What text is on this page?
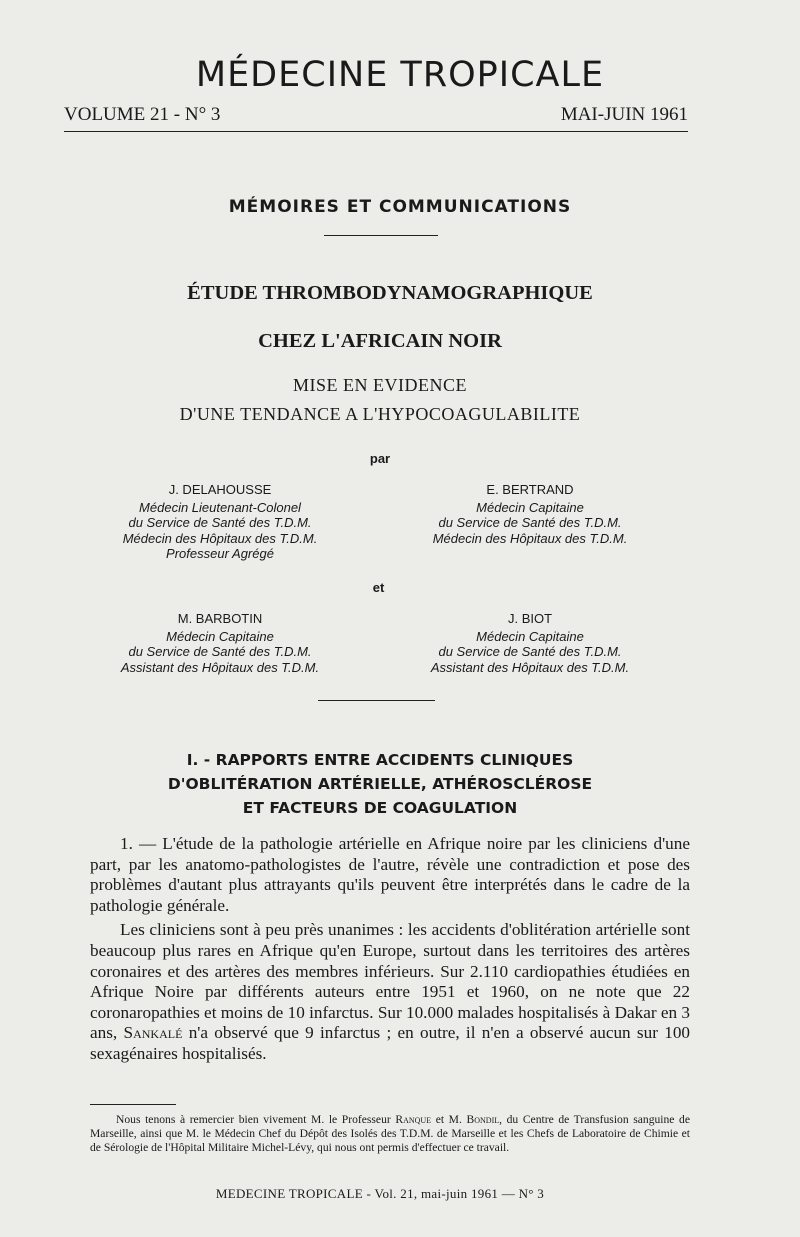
MÉDECINE TROPICALE
VOLUME 21 - N° 3	MAI-JUIN 1961
MÉMOIRES ET COMMUNICATIONS
ÉTUDE THROMBODYNAMOGRAPHIQUE
CHEZ L'AFRICAIN NOIR
MISE EN EVIDENCE
D'UNE TENDANCE A L'HYPOCOAGULABILITE
par
J. DELAHOUSSE
Médecin Lieutenant-Colonel
du Service de Santé des T.D.M.
Médecin des Hôpitaux des T.D.M.
Professeur Agrégé
E. BERTRAND
Médecin Capitaine
du Service de Santé des T.D.M.
Médecin des Hôpitaux des T.D.M.
et
M. BARBOTIN
Médecin Capitaine
du Service de Santé des T.D.M.
Assistant des Hôpitaux des T.D.M.
J. BIOT
Médecin Capitaine
du Service de Santé des T.D.M.
Assistant des Hôpitaux des T.D.M.
I. - RAPPORTS ENTRE ACCIDENTS CLINIQUES
D'OBLITÉRATION ARTÉRIELLE, ATHÉROSCLÉROSE
ET FACTEURS DE COAGULATION

1. — L'étude de la pathologie artérielle en Afrique noire par les cliniciens d'une part, par les anatomo-pathologistes de l'autre, révèle une contradiction et pose des problèmes d'autant plus attrayants qu'ils peuvent être interprétés dans le cadre de la pathologie générale.

Les cliniciens sont à peu près unanimes : les accidents d'oblitération artérielle sont beaucoup plus rares en Afrique qu'en Europe, surtout dans les territoires des artères coronaires et des artères des membres inférieurs. Sur 2.110 cardiopathies étudiées en Afrique Noire par différents auteurs entre 1951 et 1960, on ne note que 22 coronaropathies et moins de 10 infarctus. Sur 10.000 malades hospitalisés à Dakar en 3 ans, Sankalé n'a observé que 9 infarctus ; en outre, il n'en a observé aucun sur 100 sexagénaires hospitalisés.

Nous tenons à remercier bien vivement M. le Professeur Ranque et M. Bondil, du Centre de Transfusion sanguine de Marseille, ainsi que M. le Médecin Chef du Dépôt des Isolés des T.D.M. de Marseille et les Chefs de Laboratoire de Chimie et de Sérologie de l'Hôpital Militaire Michel-Lévy, qui nous ont permis d'effectuer ce travail.
MEDECINE TROPICALE - Vol. 21, mai-juin 1961 — N° 3
